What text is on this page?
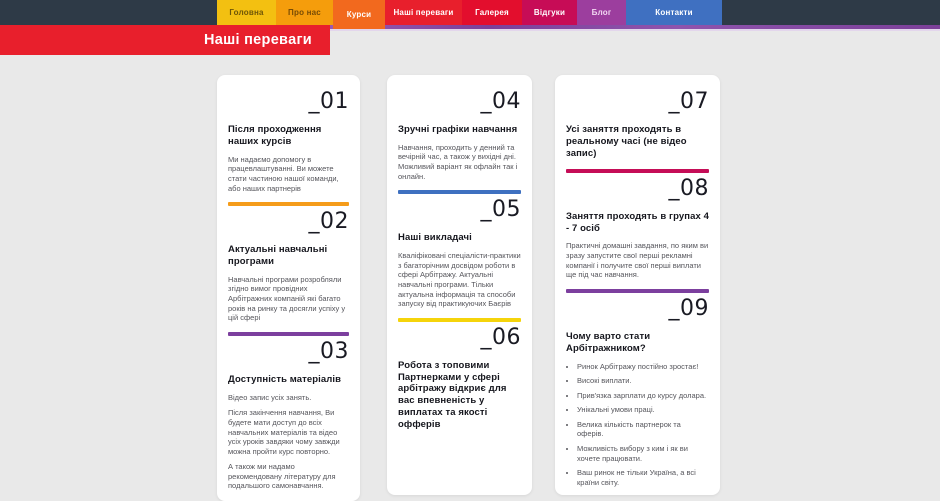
Головна	Про нас	Курси	Наші переваги	Галерея	Відгуки	Блог	Контакти
Наші переваги
_01
Після проходження наших курсів
Ми надаємо допомогу в працевлаштуванні. Ви можете стати частиною нашої команди, або наших партнерів
_02
Актуальні навчальні програми
Навчальні програми розробляли згідно вимог провідних Арбітражних компаній які багато років на ринку та досягли успіху у цій сфері
_03
Доступність матеріалів
Відео запис усіх занять.
Після закінчення навчання, Ви будете мати доступ до всіх навчальних матеріалів та відео усіх уроків завдяки чому завжди можна пройти курс повторно.
А також ми надамо рекомендовану літературу для подальшого самонавчання.
_04
Зручні графіки навчання
Навчання, проходить у денний та вечірній час, а також у вихідні дні. Можливий варіант як офлайн так і онлайн.
_05
Наші викладачі
Кваліфіковані спеціалісти-практики з багаторічним досвідом роботи в сфері Арбітражу. Актуальні навчальні програми. Тільки актуальна інформація та способи запуску від практикуючих Баєрів
_06
Робота з топовими Партнерками у сфері арбітражу відкриє для вас впевненість у виплатах та якості офферів
_07
Усі заняття проходять в реальному часі (не відео запис)
_08
Заняття проходять в групах 4 - 7 осіб
Практичні домашні завдання, по яким ви зразу запустите свої перші рекламні компанії і получите свої перші виплати ще під час навчання.
_09
Чому варто стати Арбітражником?
• Ринок Арбітражу постійно зростає!
• Високі виплати.
• Прив'язка зарплати до курсу долара.
• Унікальні умови праці.
• Велика кількість партнерок та оферів.
• Можливість вибору з ким і як ви хочете працювати.
• Ваш ринок не тільки Україна, а всі країни світу.
